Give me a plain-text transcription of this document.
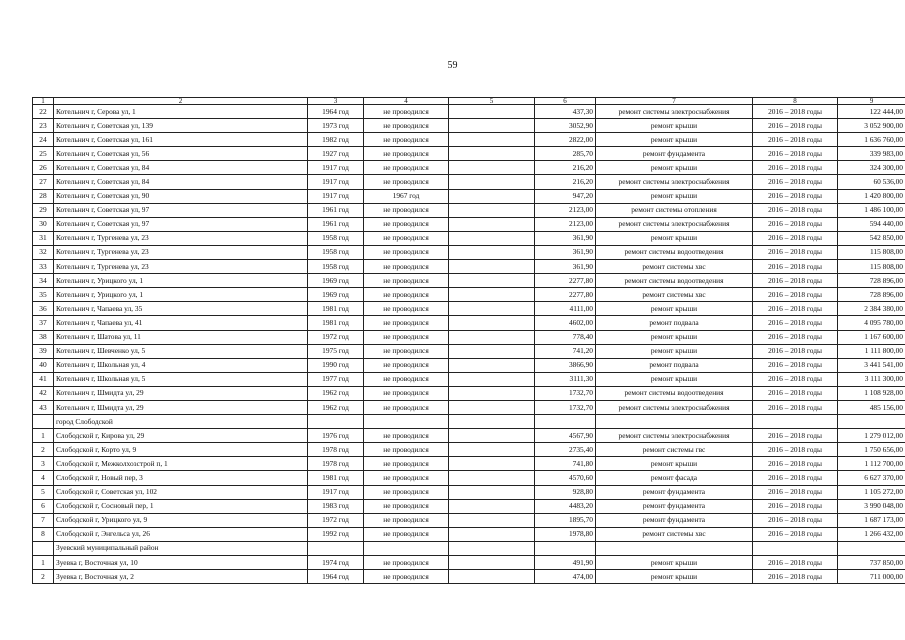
59
1	2	3	4	5	6	7	8	9
22	Котельнич г, Серова ул, 1	1964 год	не проводился		437,30	ремонт системы электроснабжения	2016 – 2018 годы	122 444,00
23	Котельнич г, Советская ул, 139	1973 год	не проводился		3052,90	ремонт крыши	2016 – 2018 годы	3 052 900,00
24	Котельнич г, Советская ул, 161	1982 год	не проводился		2822,00	ремонт крыши	2016 – 2018 годы	1 636 760,00
25	Котельнич г, Советская ул, 56	1927 год	не проводился		285,70	ремонт фундамента	2016 – 2018 годы	339 983,00
26	Котельнич г, Советская ул, 84	1917 год	не проводился		216,20	ремонт крыши	2016 – 2018 годы	324 300,00
27	Котельнич г, Советская ул, 84	1917 год	не проводился		216,20	ремонт системы электроснабжения	2016 – 2018 годы	60 536,00
28	Котельнич г, Советская ул, 90	1917 год	1967 год		947,20	ремонт крыши	2016 – 2018 годы	1 420 800,00
29	Котельнич г, Советская ул, 97	1961 год	не проводился		2123,00	ремонт системы отопления	2016 – 2018 годы	1 486 100,00
30	Котельнич г, Советская ул, 97	1961 год	не проводился		2123,00	ремонт системы электроснабжения	2016 – 2018 годы	594 440,00
31	Котельнич г, Тургенева ул, 23	1958 год	не проводился		361,90	ремонт крыши	2016 – 2018 годы	542 850,00
32	Котельнич г, Тургенева ул, 23	1958 год	не проводился		361,90	ремонт системы водоотведения	2016 – 2018 годы	115 808,00
33	Котельнич г, Тургенева ул, 23	1958 год	не проводился		361,90	ремонт системы хвс	2016 – 2018 годы	115 808,00
34	Котельнич г, Урицкого ул, 1	1969 год	не проводился		2277,80	ремонт системы водоотведения	2016 – 2018 годы	728 896,00
35	Котельнич г, Урицкого ул, 1	1969 год	не проводился		2277,80	ремонт системы хвс	2016 – 2018 годы	728 896,00
36	Котельнич г, Чапаева ул, 35	1981 год	не проводился		4111,00	ремонт крыши	2016 – 2018 годы	2 384 380,00
37	Котельнич г, Чапаева ул, 41	1981 год	не проводился		4602,00	ремонт подвала	2016 – 2018 годы	4 095 780,00
38	Котельнич г, Шатова ул, 11	1972 год	не проводился		778,40	ремонт крыши	2016 – 2018 годы	1 167 600,00
39	Котельнич г, Шевченко ул, 5	1975 год	не проводился		741,20	ремонт крыши	2016 – 2018 годы	1 111 800,00
40	Котельнич г, Школьная ул, 4	1990 год	не проводился		3866,90	ремонт подвала	2016 – 2018 годы	3 441 541,00
41	Котельнич г, Школьная ул, 5	1977 год	не проводился		3111,30	ремонт крыши	2016 – 2018 годы	3 111 300,00
42	Котельнич г, Шмидта ул, 29	1962 год	не проводился		1732,70	ремонт системы водоотведения	2016 – 2018 годы	1 108 928,00
43	Котельнич г, Шмидта ул, 29	1962 год	не проводился		1732,70	ремонт системы электроснабжения	2016 – 2018 годы	485 156,00
	город Слободской							
1	Слободской г, Кирова ул, 29	1976 год	не проводился		4567,90	ремонт системы электроснабжения	2016 – 2018 годы	1 279 012,00
2	Слободской г, Корто ул, 9	1978 год	не проводился		2735,40	ремонт системы гвс	2016 – 2018 годы	1 750 656,00
3	Слободской г, Межколхозстрой п, 1	1978 год	не проводился		741,80	ремонт крыши	2016 – 2018 годы	1 112 700,00
4	Слободской г, Новый пер, 3	1981 год	не проводился		4570,60	ремонт фасада	2016 – 2018 годы	6 627 370,00
5	Слободской г, Советская ул, 102	1917 год	не проводился		928,80	ремонт фундамента	2016 – 2018 годы	1 105 272,00
6	Слободской г, Сосновый пер, 1	1983 год	не проводился		4483,20	ремонт фундамента	2016 – 2018 годы	3 990 048,00
7	Слободской г, Урицкого ул, 9	1972 год	не проводился		1895,70	ремонт фундамента	2016 – 2018 годы	1 687 173,00
8	Слободской г, Энгельса ул, 26	1992 год	не проводился		1978,80	ремонт системы хвс	2016 – 2018 годы	1 266 432,00
	Зуевский муниципальный район							
1	Зуевка г, Восточная ул, 10	1974 год	не проводился		491,90	ремонт крыши	2016 – 2018 годы	737 850,00
2	Зуевка г, Восточная ул, 2	1964 год	не проводился		474,00	ремонт крыши	2016 – 2018 годы	711 000,00
